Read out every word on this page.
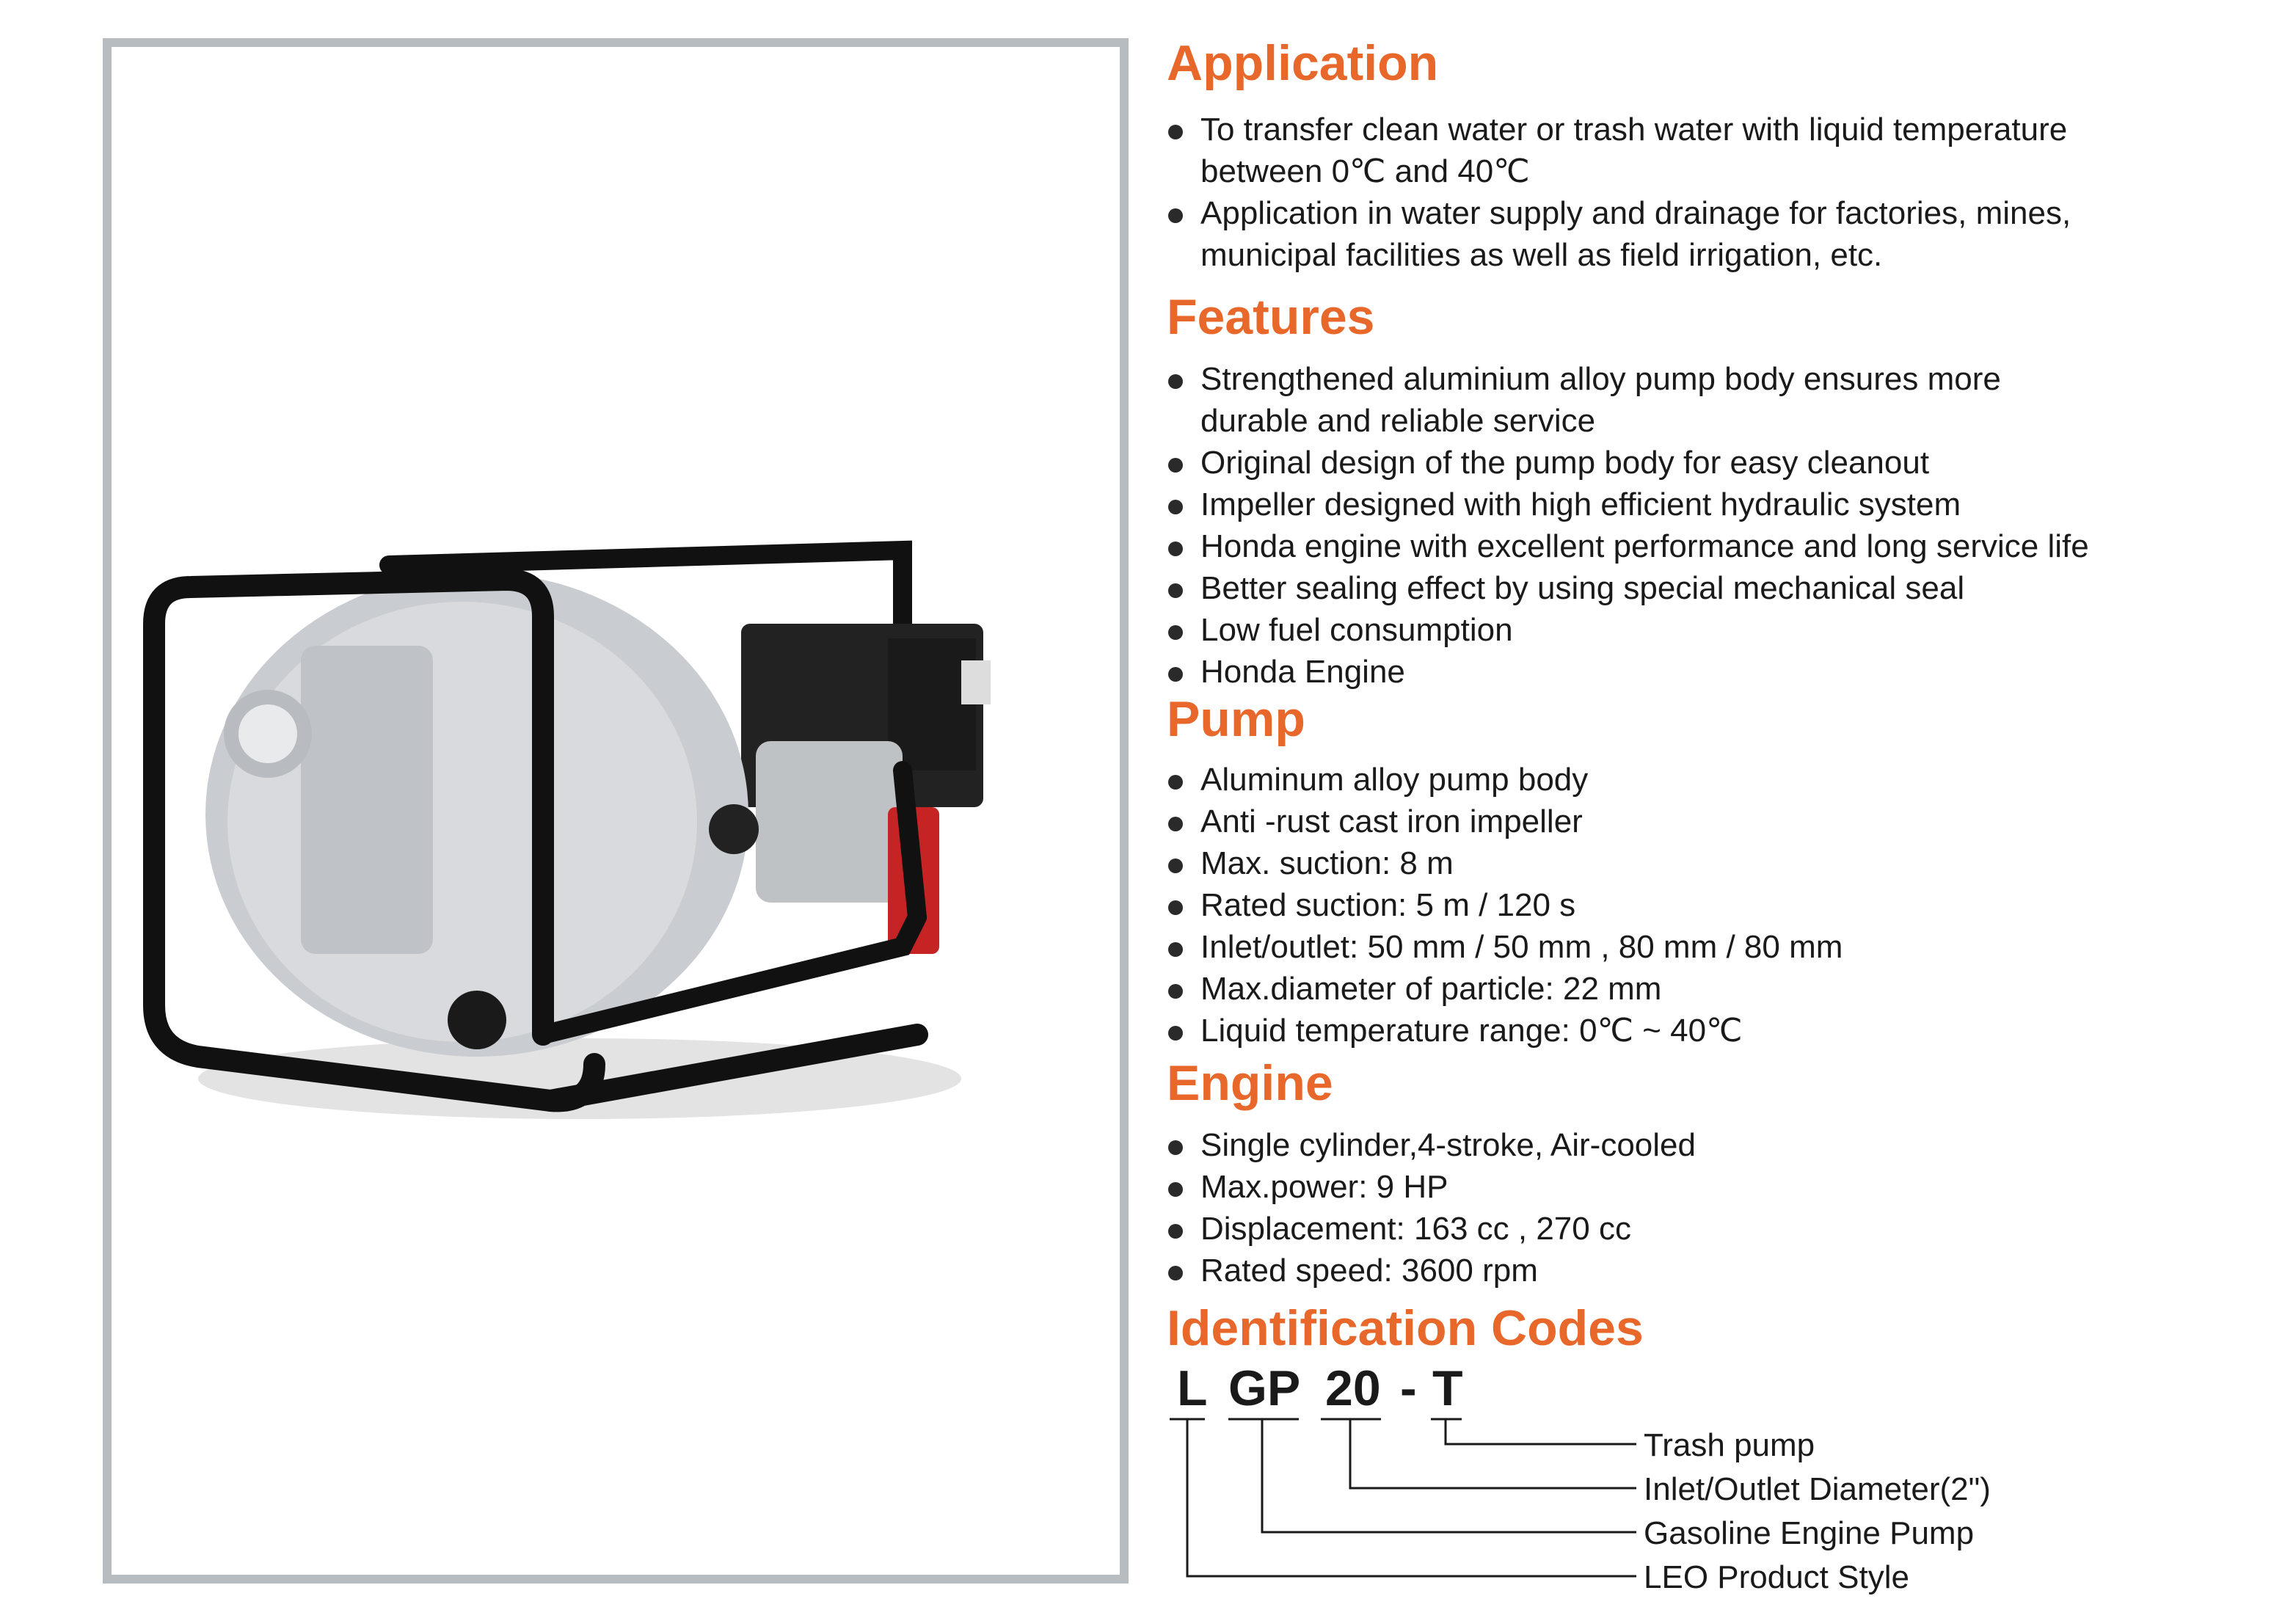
Application
To transfer clean water or trash water with liquid temperature
between 0℃ and 40℃
Application in water supply and drainage for factories, mines,
municipal facilities as well as field irrigation, etc.
Features
Strengthened aluminium alloy pump body ensures more
durable and reliable service
Original design of the pump body for easy cleanout
Impeller designed with high efficient hydraulic system
Honda engine with excellent performance and long service life
Better sealing effect by using special mechanical seal
Low fuel consumption
Honda Engine
Pump
Aluminum alloy pump body
Anti -rust cast iron impeller
Max. suction: 8 m
Rated suction: 5 m / 120 s
Inlet/outlet: 50 mm / 50 mm , 80 mm / 80 mm
Max.diameter of particle: 22 mm
Liquid temperature range: 0℃ ~ 40℃
Engine
Single cylinder,4-stroke, Air-cooled
Max.power: 9 HP
Displacement: 163 cc , 270 cc
Rated speed: 3600 rpm
Identification Codes
L GP 20 - T
Trash pump
Inlet/Outlet Diameter(2")
Gasoline Engine Pump
LEO Product Style
